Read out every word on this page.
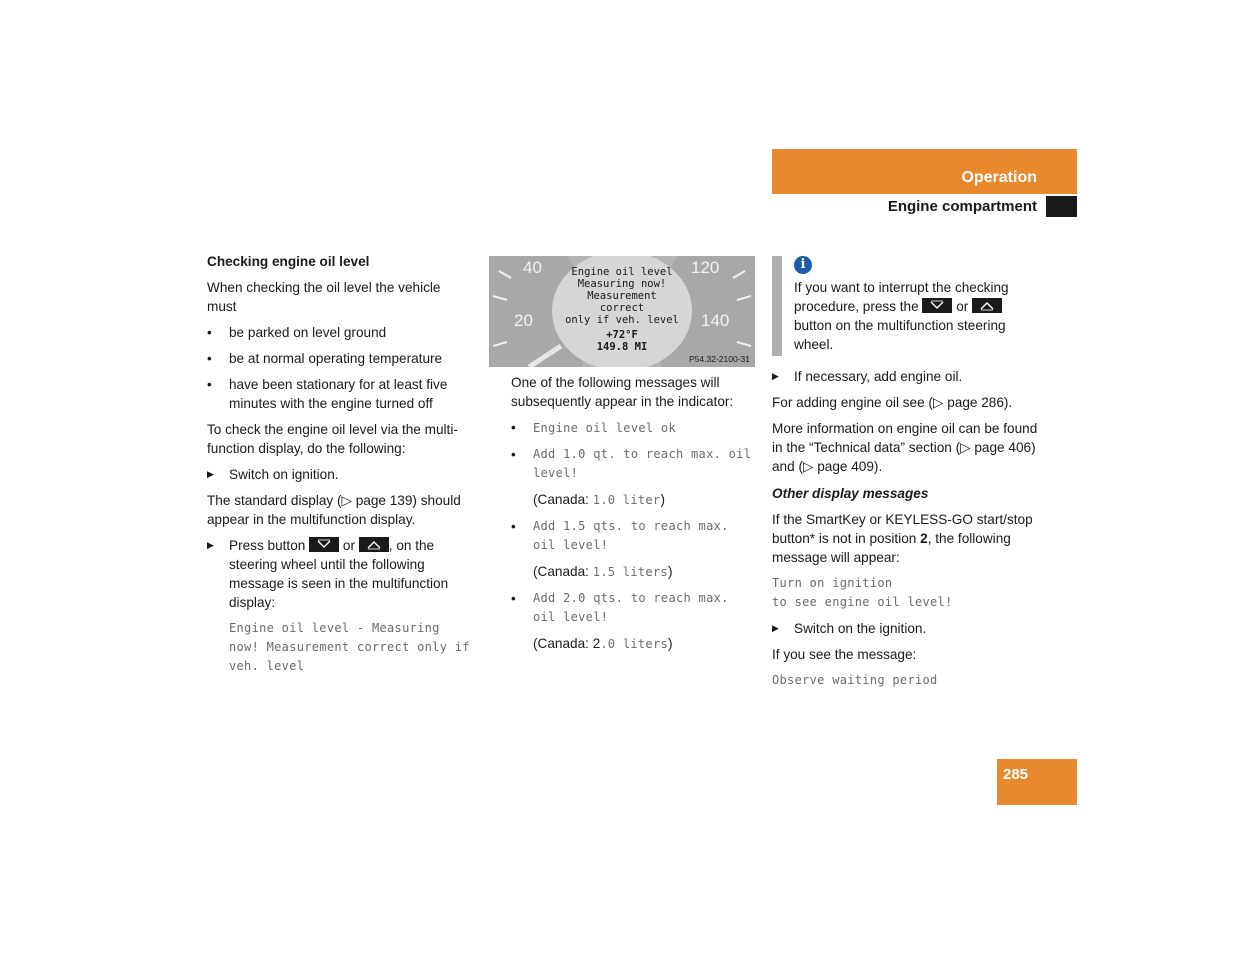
Operation
Engine compartment
Checking engine oil level

When checking the oil level the vehicle must

• be parked on level ground
• be at normal operating temperature
• have been stationary for at least five minutes with the engine turned off

To check the engine oil level via the multi-function display, do the following:

▶ Switch on ignition.

The standard display (▷ page 139) should appear in the multifunction display.

▶ Press button	or , on the steering wheel until the following message is seen in the multifunction display:
Engine oil level - Measuring now! Measurement correct only if veh. level
40
20
120
140
Engine oil level
Measuring now!
Measurement
correct
only if veh. level
+72°F
149.8 MI
P54.32-2100-31

One of the following messages will subsequently appear in the indicator:

• Engine oil level ok
• Add 1.0 qt. to reach max. oil level!
(Canada: 1.0 liter)
• Add 1.5 qts. to reach max. oil level!
(Canada: 1.5 liters)
• Add 2.0 qts. to reach max. oil level!
(Canada: 2.0 liters)
i
If you want to interrupt the checking procedure, press the	or
button on the multifunction steering wheel.
▶ If necessary, add engine oil.

For adding engine oil see (▷ page 286).

More information on engine oil can be found in the “Technical data” section (▷ page 406) and (▷ page 409).

Other display messages

If the SmartKey or KEYLESS-GO start/stop button* is not in position 2, the following message will appear:

Turn on ignition
to see engine oil level!
▶ Switch on the ignition.

If you see the message:

Observe waiting period
285
